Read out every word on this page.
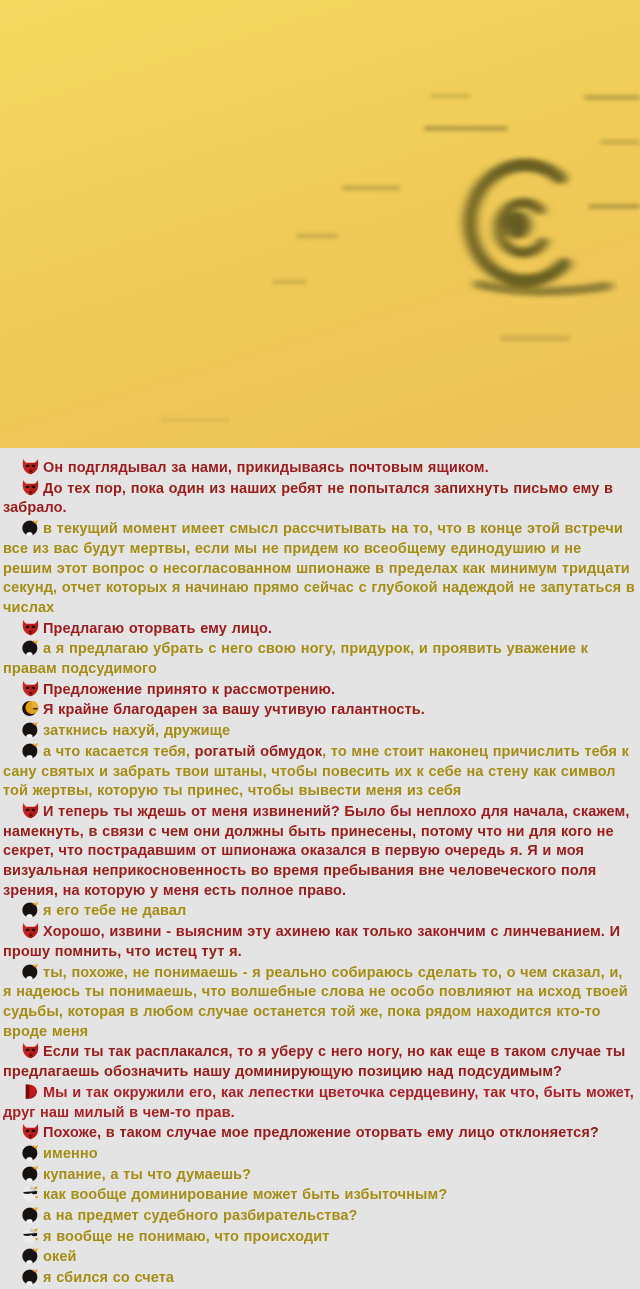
Он подглядывал за нами, прикидываясь почтовым ящиком.

До тех пор, пока один из наших ребят не попытался запихнуть письмо ему в забрало.

в текущий момент имеет смысл рассчитывать на то, что в конце этой встречи все из вас будут мертвы, если мы не придем ко всеобщему единодушию и не решим этот вопрос о несогласованном шпионаже в пределах как минимум тридцати секунд, отчет которых я начинаю прямо сейчас с глубокой надеждой не запутаться в числах

Предлагаю оторвать ему лицо.

а я предлагаю убрать с него свою ногу, придурок, и проявить уважение к правам подсудимого

Предложение принято к рассмотрению.

Я крайне благодарен за вашу учтивую галантность.

заткнись нахуй, дружище

а что касается тебя, рогатый обмудок, то мне стоит наконец причислить тебя к сану святых и забрать твои штаны, чтобы повесить их к себе на стену как символ той жертвы, которую ты принес, чтобы вывести меня из себя

И теперь ты ждешь от меня извинений? Было бы неплохо для начала, скажем, намекнуть, в связи с чем они должны быть принесены, потому что ни для кого не секрет, что пострадавшим от шпионажа оказался в первую очередь я. Я и моя визуальная неприкосновенность во время пребывания вне человеческого поля зрения, на которую у меня есть полное право.

я его тебе не давал

Хорошо, извини - выясним эту ахинею как только закончим с линчеванием. И прошу помнить, что истец тут я.

ты, похоже, не понимаешь - я реально собираюсь сделать то, о чем сказал, и, я надеюсь ты понимаешь, что волшебные слова не особо повлияют на исход твоей судьбы, которая в любом случае останется той же, пока рядом находится кто-то вроде меня

Если ты так расплакался, то я уберу с него ногу, но как еще в таком случае ты предлагаешь обозначить нашу доминирующую позицию над подсудимым?

Мы и так окружили его, как лепестки цветочка сердцевину, так что, быть может, друг наш милый в чем-то прав.

Похоже, в таком случае мое предложение оторвать ему лицо отклоняется?

именно

купание, а ты что думаешь?

как вообще доминирование может быть избыточным?

а на предмет судебного разбирательства?

я вообще не понимаю, что происходит

окей

я сбился со счета
